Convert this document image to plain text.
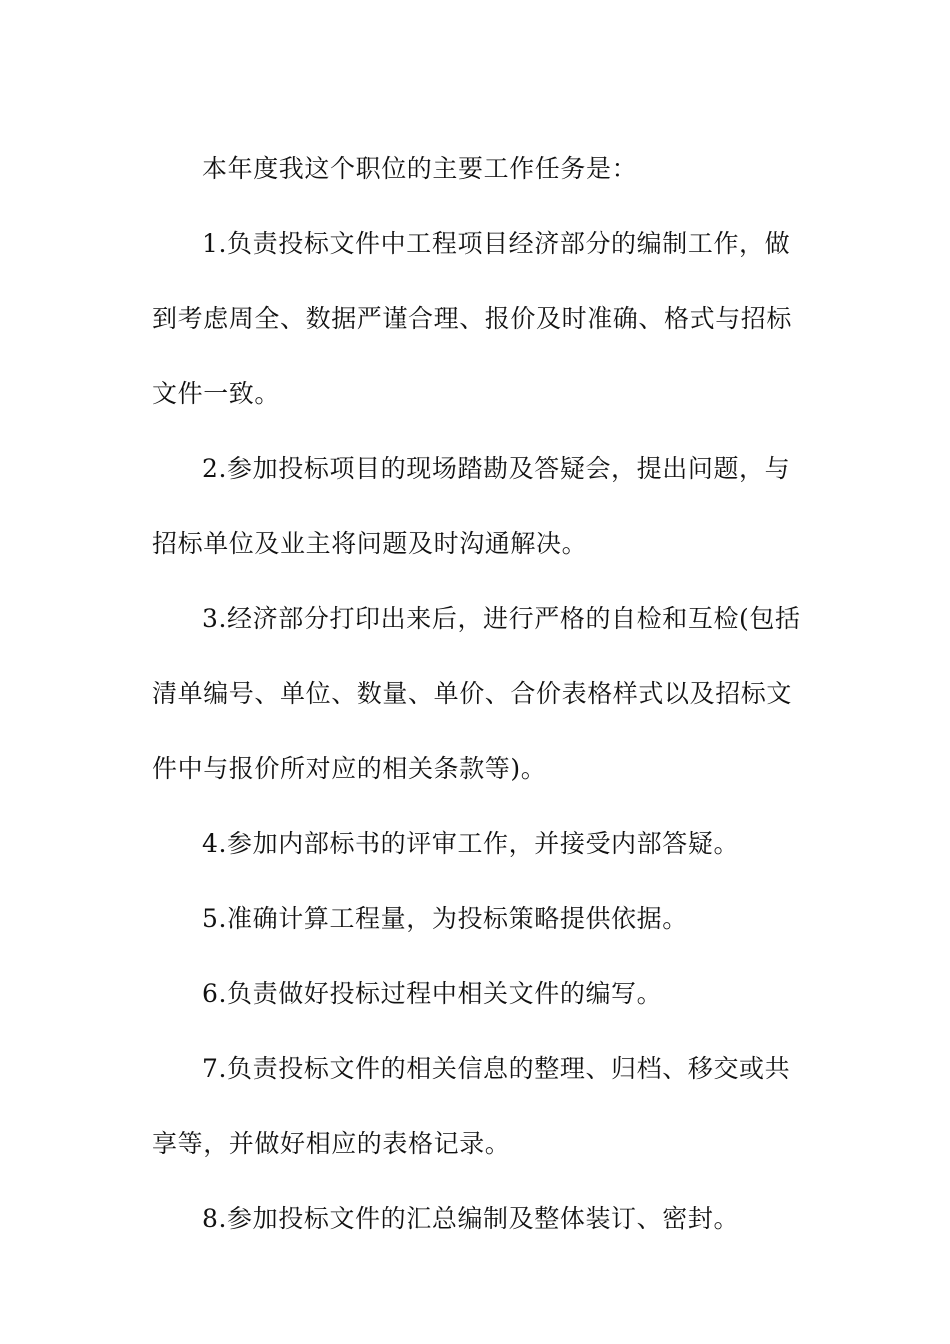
本年度我这个职位的主要工作任务是：

1.负责投标文件中工程项目经济部分的编制工作，做到考虑周全、数据严谨合理、报价及时准确、格式与招标文件一致。

2.参加投标项目的现场踏勘及答疑会，提出问题，与招标单位及业主将问题及时沟通解决。

3.经济部分打印出来后，进行严格的自检和互检(包括清单编号、单位、数量、单价、合价表格样式以及招标文件中与报价所对应的相关条款等)。

4.参加内部标书的评审工作，并接受内部答疑。

5.准确计算工程量，为投标策略提供依据。

6.负责做好投标过程中相关文件的编写。

7.负责投标文件的相关信息的整理、归档、移交或共享等，并做好相应的表格记录。

8.参加投标文件的汇总编制及整体装订、密封。
